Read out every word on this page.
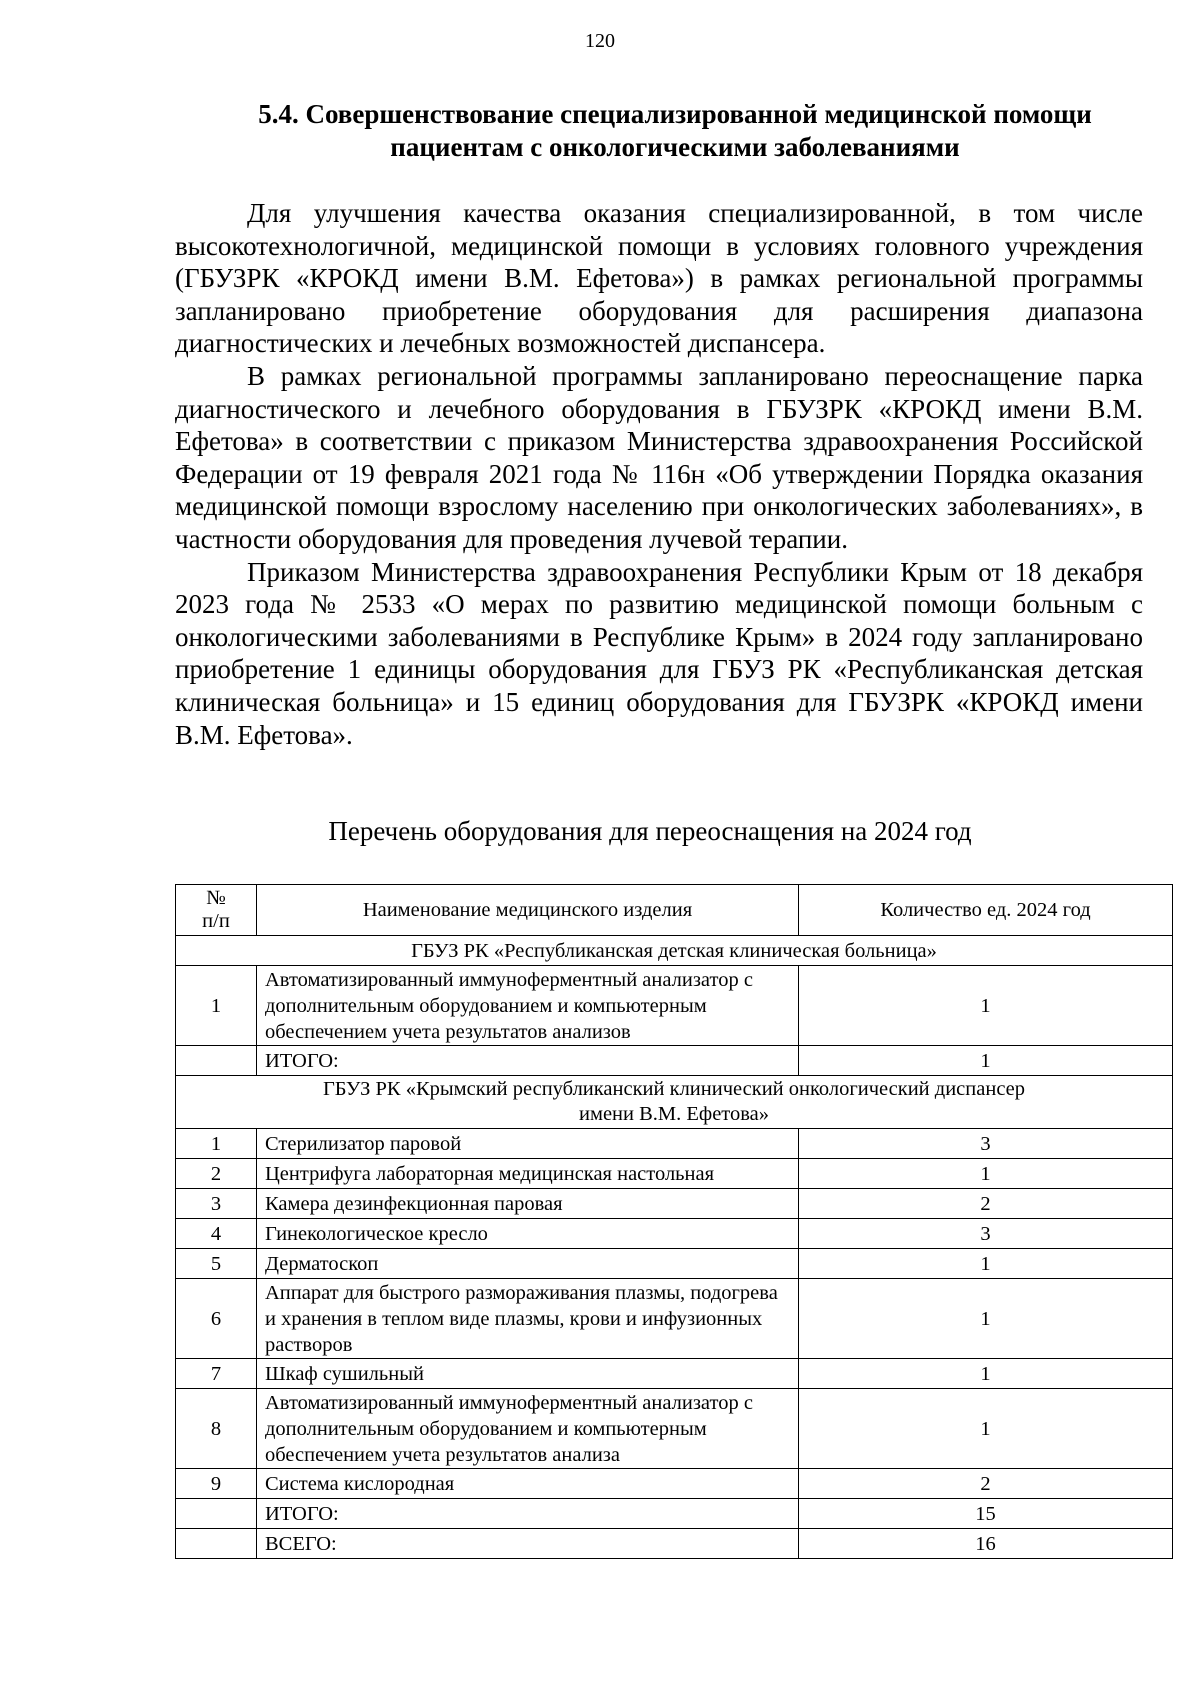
120
5.4. Совершенствование специализированной медицинской помощи
пациентам с онкологическими заболеваниями

Для улучшения качества оказания специализированной, в том числе высокотехнологичной, медицинской помощи в условиях головного учреждения (ГБУЗРК «КРОКД имени В.М. Ефетова») в рамках региональной программы запланировано приобретение оборудования для расширения диапазона диагностических и лечебных возможностей диспансера.

В рамках региональной программы запланировано переоснащение парка диагностического и лечебного оборудования в ГБУЗРК «КРОКД имени В.М. Ефетова» в соответствии с приказом Министерства здравоохранения Российской Федерации от 19 февраля 2021 года № 116н «Об утверждении Порядка оказания медицинской помощи взрослому населению при онкологических заболеваниях», в частности оборудования для проведения лучевой терапии.

Приказом Министерства здравоохранения Республики Крым от 18 декабря 2023 года № 2533 «О мерах по развитию медицинской помощи больным с онкологическими заболеваниями в Республике Крым» в 2024 году запланировано приобретение 1 единицы оборудования для ГБУЗ РК «Республиканская детская клиническая больница» и 15 единиц оборудования для ГБУЗРК «КРОКД имени В.М. Ефетова».

Перечень оборудования для переоснащения на 2024 год
№
п/п	Наименование медицинского изделия	Количество ед. 2024 год
ГБУЗ РК «Республиканская детская клиническая больница»		
1	Автоматизированный иммуноферментный анализатор с дополнительным оборудованием и компьютерным обеспечением учета результатов анализов	1
	ИТОГО:	1
ГБУЗ РК «Крымский республиканский клинический онкологический диспансер
имени В.М. Ефетова»		
1	Стерилизатор паровой	3
2	Центрифуга лабораторная медицинская настольная	1
3	Камера дезинфекционная паровая	2
4	Гинекологическое кресло	3
5	Дерматоскоп	1
6	Аппарат для быстрого размораживания плазмы, подогрева и хранения в теплом виде плазмы, крови и инфузионных растворов	1
7	Шкаф сушильный	1
8	Автоматизированный иммуноферментный анализатор с дополнительным оборудованием и компьютерным обеспечением учета результатов анализа	1
9	Система кислородная	2
	ИТОГО:	15
	ВСЕГО:	16
